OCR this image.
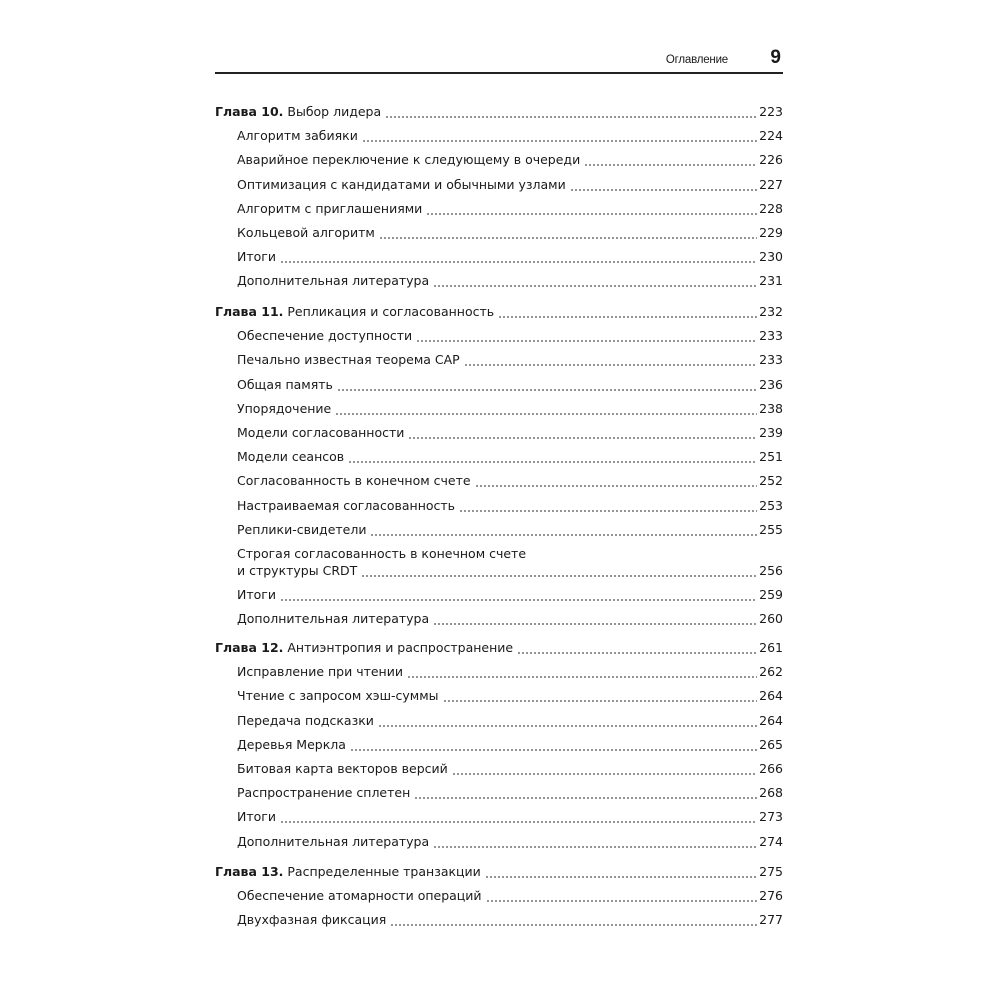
Оглавление 9
Глава 10. Выбор лидера	223
Алгоритм забияки	224
Аварийное переключение к следующему в очереди	226
Оптимизация с кандидатами и обычными узлами	227
Алгоритм с приглашениями	228
Кольцевой алгоритм	229
Итоги	230
Дополнительная литература	231
Глава 11. Репликация и согласованность	232
Обеспечение доступности	233
Печально известная теорема CAP	233
Общая память	236
Упорядочение	238
Модели согласованности	239
Модели сеансов	251
Согласованность в конечном счете	252
Настраиваемая согласованность	253
Реплики-свидетели	255
Строгая согласованность в конечном счете
и структуры CRDT	256
Итоги	259
Дополнительная литература	260
Глава 12. Антиэнтропия и распространение	261
Исправление при чтении	262
Чтение с запросом хэш-суммы	264
Передача подсказки	264
Деревья Меркла	265
Битовая карта векторов версий	266
Распространение сплетен	268
Итоги	273
Дополнительная литература	274
Глава 13. Распределенные транзакции	275
Обеспечение атомарности операций	276
Двухфазная фиксация	277
